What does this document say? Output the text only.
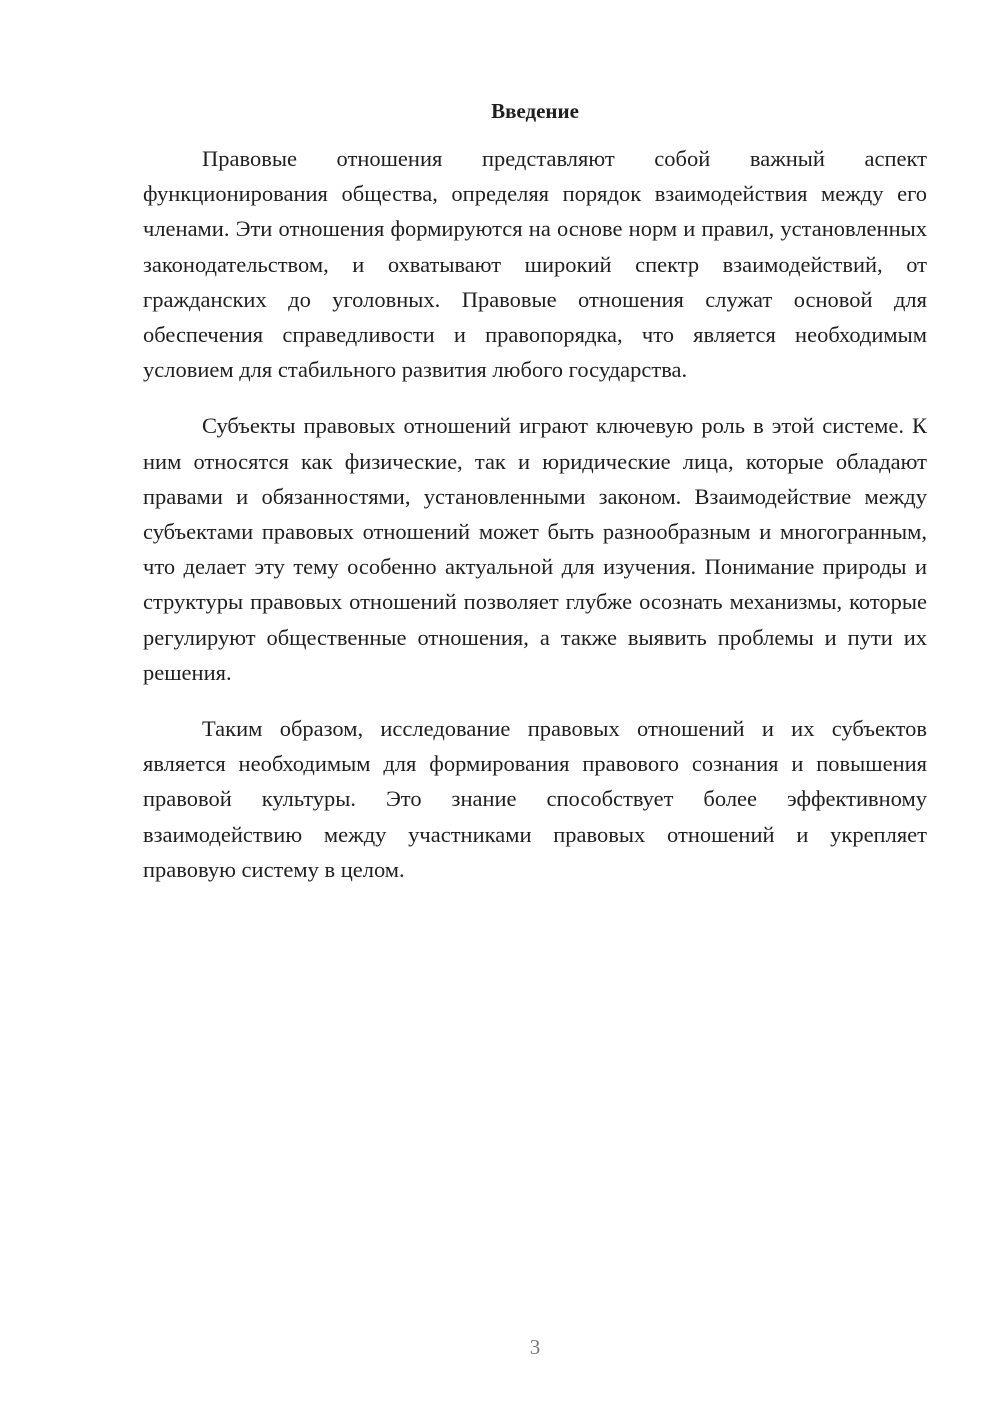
Введение

Правовые отношения представляют собой важный аспект функционирования общества, определяя порядок взаимодействия между его членами. Эти отношения формируются на основе норм и правил, установленных законодательством, и охватывают широкий спектр взаимодействий, от гражданских до уголовных. Правовые отношения служат основой для обеспечения справедливости и правопорядка, что является необходимым условием для стабильного развития любого государства.

Субъекты правовых отношений играют ключевую роль в этой системе. К ним относятся как физические, так и юридические лица, которые обладают правами и обязанностями, установленными законом. Взаимодействие между субъектами правовых отношений может быть разнообразным и многогранным, что делает эту тему особенно актуальной для изучения. Понимание природы и структуры правовых отношений позволяет глубже осознать механизмы, которые регулируют общественные отношения, а также выявить проблемы и пути их решения.

Таким образом, исследование правовых отношений и их субъектов является необходимым для формирования правового сознания и повышения правовой культуры. Это знание способствует более эффективному взаимодействию между участниками правовых отношений и укрепляет правовую систему в целом.

3
